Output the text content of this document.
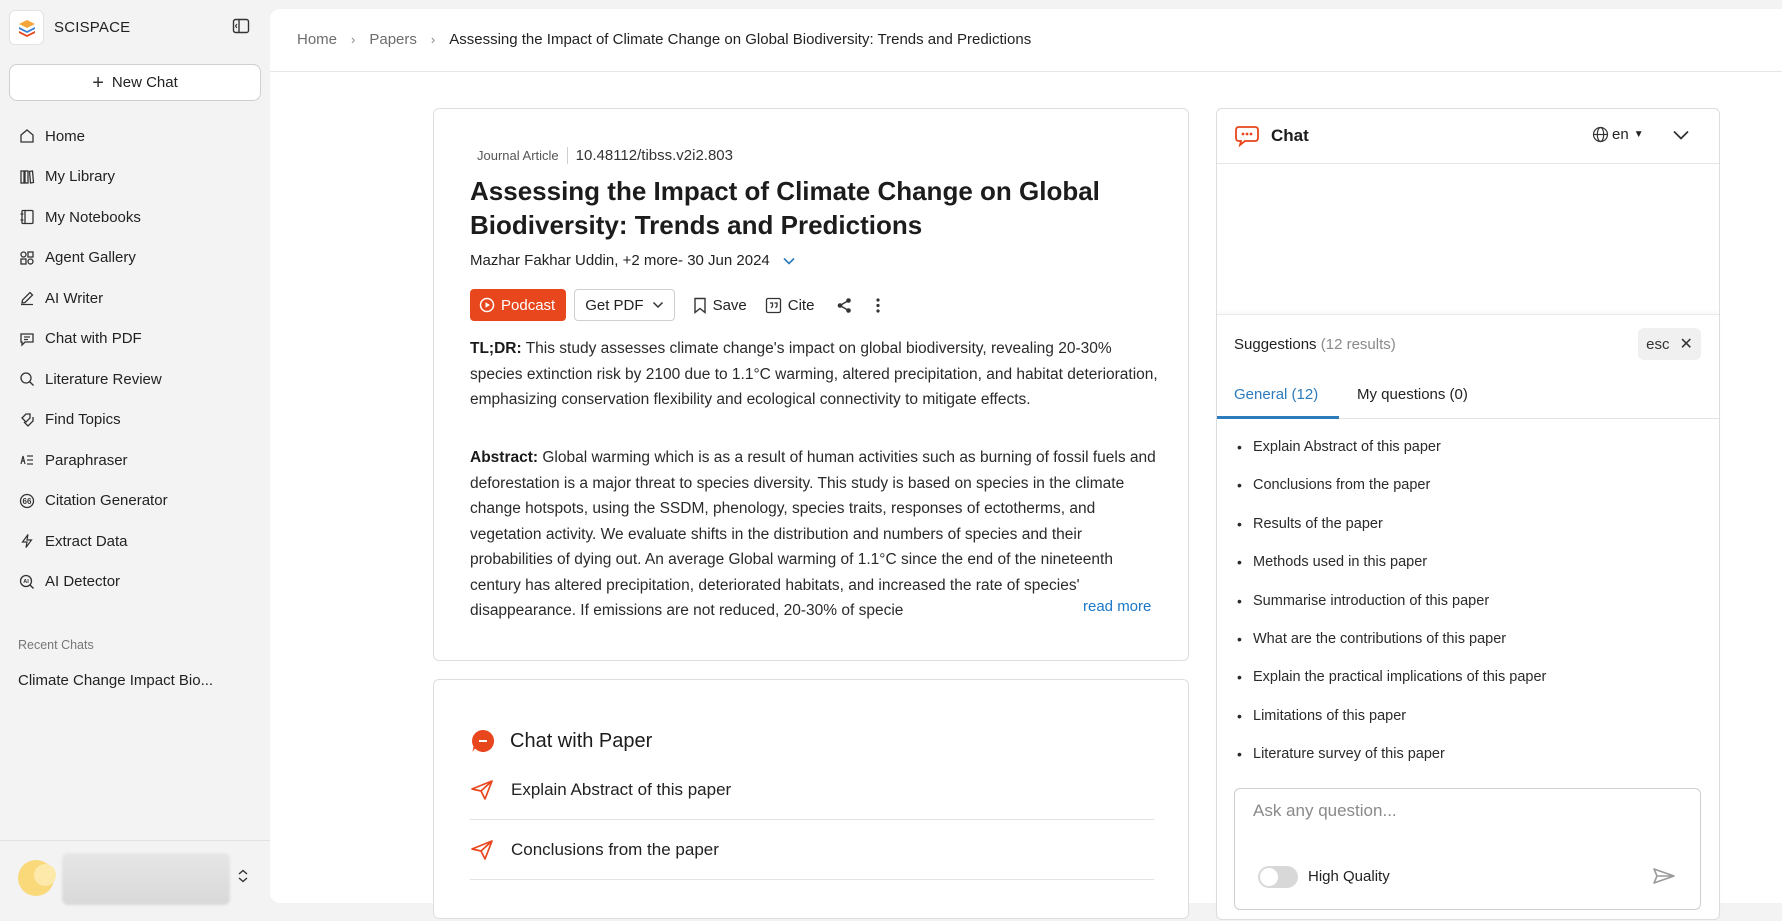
SCISPACE
+ New Chat
Home
My Library
My Notebooks
Agent Gallery
AI Writer
Chat with PDF
Literature Review
Find Topics
Paraphraser
66 Citation Generator
Extract Data
AI AI Detector
Recent Chats
Climate Change Impact Bio...
Home › Papers › Assessing the Impact of Climate Change on Global Biodiversity: Trends and Predictions
Journal Article	10.48112/tibss.v2i2.803
Assessing the Impact of Climate Change on Global Biodiversity: Trends and Predictions
Mazhar Fakhar Uddin,
+2 more - 30 Jun 2024
Podcast Get PDF	Save	Cite
TL;DR: This study assesses climate change's impact on global biodiversity, revealing 20-30% species extinction risk by 2100 due to 1.1°C warming, altered precipitation, and habitat deterioration, emphasizing conservation flexibility and ecological connectivity to mitigate effects.
Abstract: Global warming which is as a result of human activities such as burning of fossil fuels and deforestation is a major threat to species diversity. This study is based on species in the climate change hotspots, using the SSDM, phenology, species traits, responses of ectotherms, and vegetation activity. We evaluate shifts in the distribution and numbers of species and their probabilities of dying out. An average Global warming of 1.1°C since the end of the nineteenth century has altered precipitation, deteriorated habitats, and increased the rate of species' disappearance. If emissions are not reduced, 20-30% of specie	read more
Chat with Paper
Explain Abstract of this paper
Conclusions from the paper
Chat	en ▼
Suggestions (12 results)	esc ✕
General (12)	My questions (0)
• Explain Abstract of this paper
• Conclusions from the paper
• Results of the paper
• Methods used in this paper
• Summarise introduction of this paper
• What are the contributions of this paper
• Explain the practical implications of this paper
• Limitations of this paper
• Literature survey of this paper
Ask any question...
High Quality
